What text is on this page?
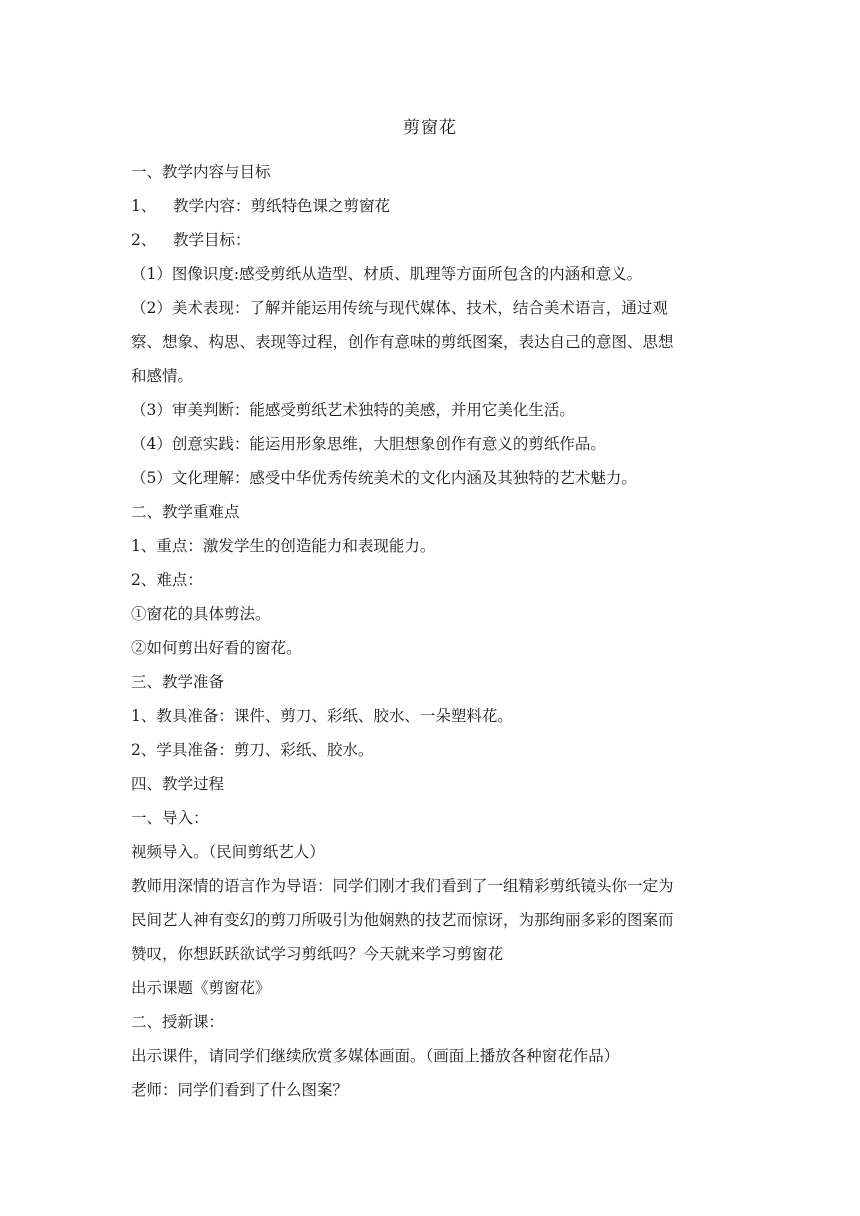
剪窗花
一、教学内容与目标
1、 教学内容：剪纸特色课之剪窗花
2、 教学目标：
（1）图像识度:感受剪纸从造型、材质、肌理等方面所包含的内涵和意义。
（2）美术表现：了解并能运用传统与现代媒体、技术，结合美术语言，通过观
察、想象、构思、表现等过程，创作有意味的剪纸图案，表达自己的意图、思想
和感情。
（3）审美判断：能感受剪纸艺术独特的美感，并用它美化生活。
（4）创意实践：能运用形象思维，大胆想象创作有意义的剪纸作品。
（5）文化理解：感受中华优秀传统美术的文化内涵及其独特的艺术魅力。
二、教学重难点
1、重点：激发学生的创造能力和表现能力。
2、难点：
①窗花的具体剪法。
②如何剪出好看的窗花。
三、教学准备
1、教具准备：课件、剪刀、彩纸、胶水、一朵塑料花。
2、学具准备：剪刀、彩纸、胶水。
四、教学过程
一、导入：
视频导入。（民间剪纸艺人）
教师用深情的语言作为导语：同学们刚才我们看到了一组精彩剪纸镜头你一定为
民间艺人神有变幻的剪刀所吸引为他娴熟的技艺而惊讶，为那绚丽多彩的图案而
赞叹，你想跃跃欲试学习剪纸吗？今天就来学习剪窗花
出示课题《剪窗花》
二、授新课：
出示课件，请同学们继续欣赏多媒体画面。（画面上播放各种窗花作品）
老师：同学们看到了什么图案？
